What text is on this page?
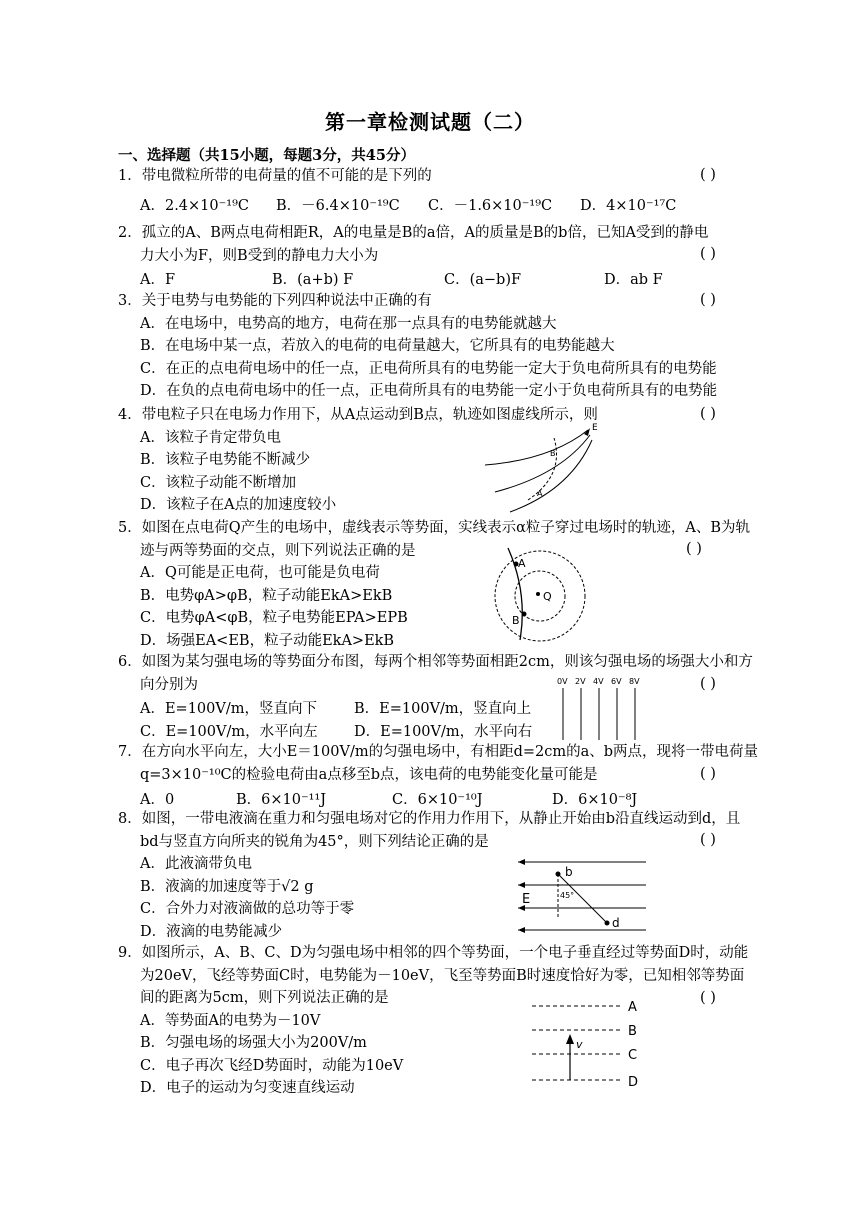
第一章检测试题（二）
一、选择题（共15小题，每题3分，共45分）
1．带电微粒所带的电荷量的值不可能的是下列的	( )
A．2.4×10⁻¹⁹C B．－6.4×10⁻¹⁹C C．－1.6×10⁻¹⁹C D．4×10⁻¹⁷C
2．孤立的A、B两点电荷相距R，A的电量是B的a倍，A的质量是B的b倍，已知A受到的静电
力大小为F，则B受到的静电力大小为	( )
A．F	B．(a+b) F	C．(a−b)F	D．ab F
3．关于电势与电势能的下列四种说法中正确的有
A．在电场中，电势高的地方，电荷在那一点具有的电势能就越大
B．在电场中某一点，若放入的电荷的电荷量越大，它所具有的电势能越大
C．在正的点电荷电场中的任一点，正电荷所具有的电势能一定大于负电荷所具有的电势能
D．在负的点电荷电场中的任一点，正电荷所具有的电势能一定小于负电荷所具有的电势能
( )
4．带电粒子只在电场力作用下，从A点运动到B点，轨迹如图虚线所示，则
A．该粒子肯定带负电
B．该粒子电势能不断减少
C．该粒子动能不断增加
D．该粒子在A点的加速度较小
( )
E
B
A
5．如图在点电荷Q产生的电场中，虚线表示等势面，实线表示α粒子穿过电场时的轨迹，A、B为轨
迹与两等势面的交点，则下列说法正确的是
A．Q可能是正电荷，也可能是负电荷
B．电势φA>φB，粒子动能EkA>EkB
C．电势φA<φB，粒子电势能EPA>EPB
D．场强EA<EB，粒子动能EkA>EkB
( )
A
Q
B
6．如图为某匀强电场的等势面分布图，每两个相邻等势面相距2cm，则该匀强电场的场强大小和方
向分别为	( )
A．E=100V/m，竖直向下	B．E=100V/m，竖直向上
C．E=100V/m，水平向左	D．E=100V/m，水平向右
0V 2V 4V 6V 8V
7．在方向水平向左，大小E＝100V/m的匀强电场中，有相距d=2cm的a、b两点，现将一带电荷量
q=3×10⁻¹⁰C的检验电荷由a点移至b点，该电荷的电势能变化量可能是	( )
A．0	B．6×10⁻¹¹J	C．6×10⁻¹⁰J	D．6×10⁻⁸J
8．如图，一带电液滴在重力和匀强电场对它的作用力作用下，从静止开始由b沿直线运动到d，且
bd与竖直方向所夹的锐角为45°，则下列结论正确的是
A．此液滴带负电
B．液滴的加速度等于√2 g
C．合外力对液滴做的总功等于零
D．液滴的电势能减少
( )
b
45°
E
d
9．如图所示，A、B、C、D为匀强电场中相邻的四个等势面，一个电子垂直经过等势面D时，动能
为20eV，飞经等势面C时，电势能为－10eV，飞至等势面B时速度恰好为零，已知相邻等势面
间的距离为5cm，则下列说法正确的是
A．等势面A的电势为－10V
B．匀强电场的场强大小为200V/m
C．电子再次飞经D势面时，动能为10eV
D．电子的运动为匀变速直线运动
( )
A
B
C
D
v
